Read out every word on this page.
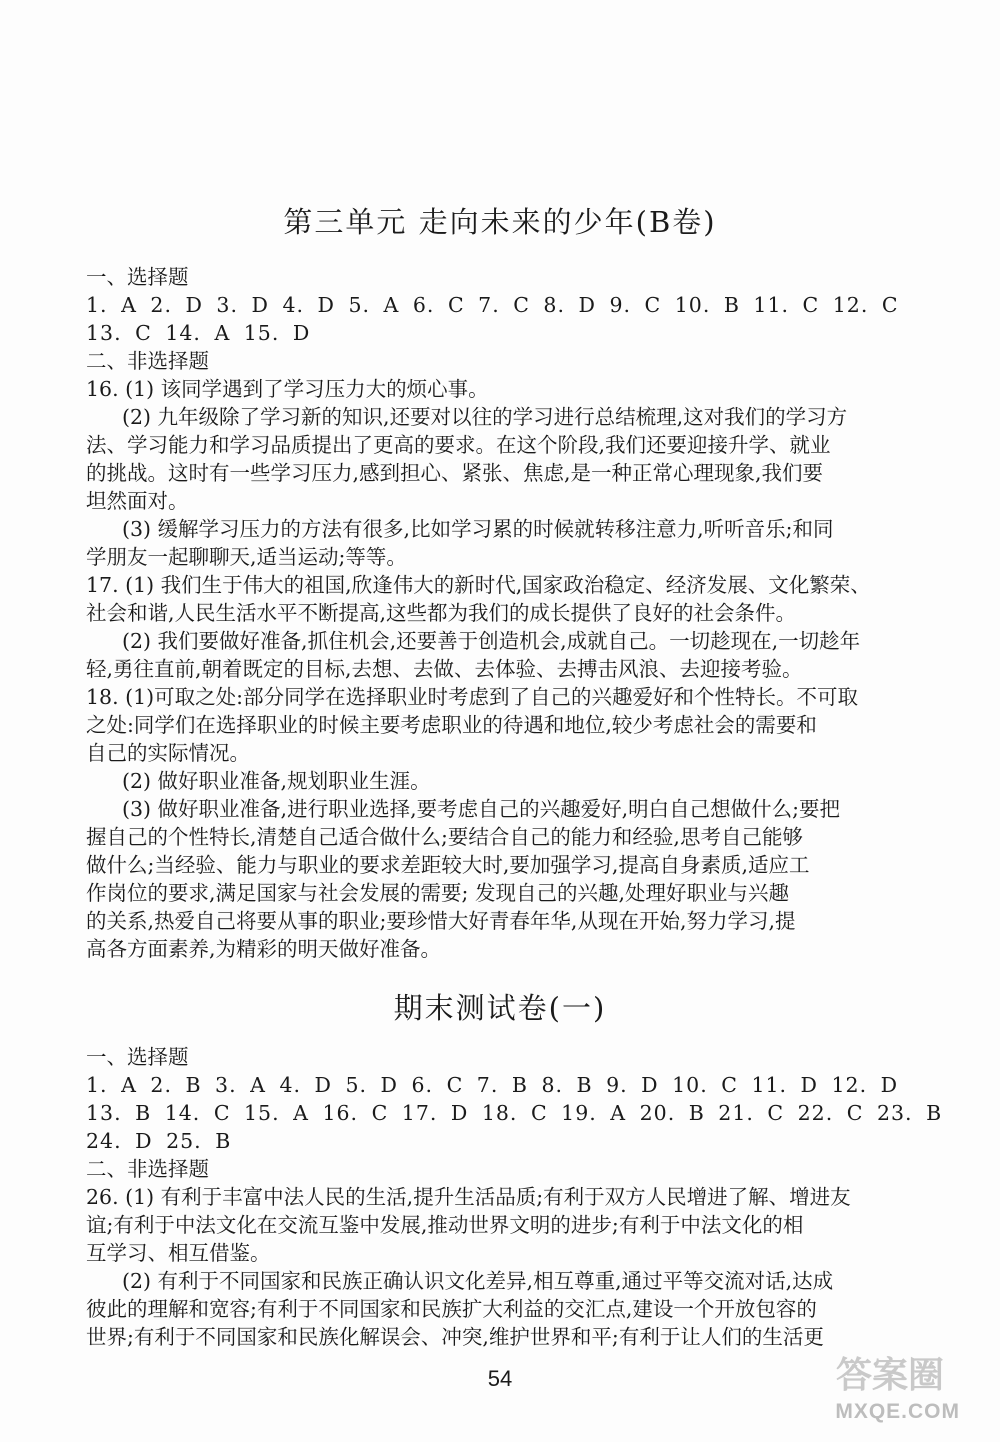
第三单元 走向未来的少年(B卷)
一、选择题
1. A 2. D 3. D 4. D 5. A 6. C 7. C 8. D 9. C 10. B 11. C 12. C
13. C 14. A 15. D
二、非选择题
16. (1) 该同学遇到了学习压力大的烦心事。
(2) 九年级除了学习新的知识,还要对以往的学习进行总结梳理,这对我们的学习方
法、学习能力和学习品质提出了更高的要求。在这个阶段,我们还要迎接升学、就业
的挑战。这时有一些学习压力,感到担心、紧张、焦虑,是一种正常心理现象,我们要
坦然面对。
(3) 缓解学习压力的方法有很多,比如学习累的时候就转移注意力,听听音乐;和同
学朋友一起聊聊天,适当运动;等等。
17. (1) 我们生于伟大的祖国,欣逢伟大的新时代,国家政治稳定、经济发展、文化繁荣、
社会和谐,人民生活水平不断提高,这些都为我们的成长提供了良好的社会条件。
(2) 我们要做好准备,抓住机会,还要善于创造机会,成就自己。一切趁现在,一切趁年
轻,勇往直前,朝着既定的目标,去想、去做、去体验、去搏击风浪、去迎接考验。
18. (1)可取之处:部分同学在选择职业时考虑到了自己的兴趣爱好和个性特长。不可取
之处:同学们在选择职业的时候主要考虑职业的待遇和地位,较少考虑社会的需要和
自己的实际情况。
(2) 做好职业准备,规划职业生涯。
(3) 做好职业准备,进行职业选择,要考虑自己的兴趣爱好,明白自己想做什么;要把
握自己的个性特长,清楚自己适合做什么;要结合自己的能力和经验,思考自己能够
做什么;当经验、能力与职业的要求差距较大时,要加强学习,提高自身素质,适应工
作岗位的要求,满足国家与社会发展的需要; 发现自己的兴趣,处理好职业与兴趣
的关系,热爱自己将要从事的职业;要珍惜大好青春年华,从现在开始,努力学习,提
高各方面素养,为精彩的明天做好准备。
期末测试卷(一)
一、选择题
1. A 2. B 3. A 4. D 5. D 6. C 7. B 8. B 9. D 10. C 11. D 12. D
13. B 14. C 15. A 16. C 17. D 18. C 19. A 20. B 21. C 22. C 23. B
24. D 25. B
二、非选择题
26. (1) 有利于丰富中法人民的生活,提升生活品质;有利于双方人民增进了解、增进友
谊;有利于中法文化在交流互鉴中发展,推动世界文明的进步;有利于中法文化的相
互学习、相互借鉴。
(2) 有利于不同国家和民族正确认识文化差异,相互尊重,通过平等交流对话,达成
彼此的理解和宽容;有利于不同国家和民族扩大利益的交汇点,建设一个开放包容的
世界;有利于不同国家和民族化解误会、冲突,维护世界和平;有利于让人们的生活更
54	答案圈
MXQE.COM
